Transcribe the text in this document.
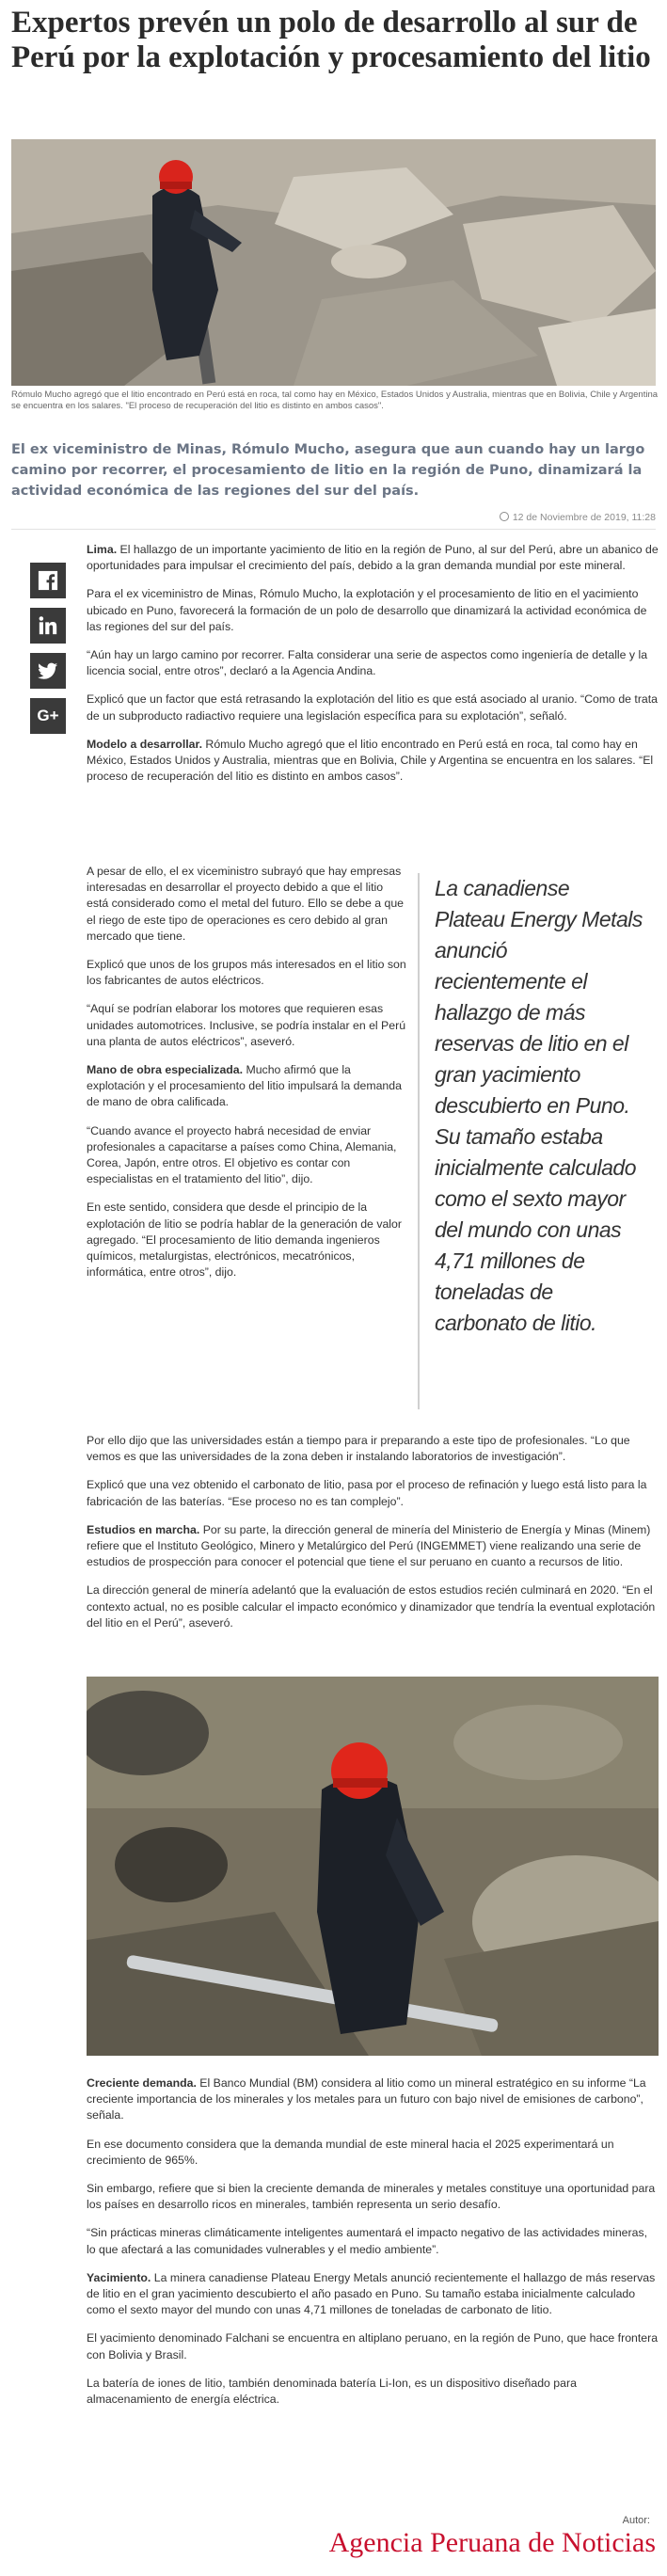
Expertos prevén un polo de desarrollo al sur de Perú por la explotación y procesamiento del litio
Rómulo Mucho agregó que el litio encontrado en Perú está en roca, tal como hay en México, Estados Unidos y Australia, mientras que en Bolivia, Chile y Argentina se encuentra en los salares. "El proceso de recuperación del litio es distinto en ambos casos".
El ex viceministro de Minas, Rómulo Mucho, asegura que aun cuando hay un largo camino por recorrer, el procesamiento de litio en la región de Puno, dinamizará la actividad económica de las regiones del sur del país.
12 de Noviembre de 2019, 11:28
G+

Lima. El hallazgo de un importante yacimiento de litio en la región de Puno, al sur del Perú, abre un abanico de oportunidades para impulsar el crecimiento del país, debido a la gran demanda mundial por este mineral.

Para el ex viceministro de Minas, Rómulo Mucho, la explotación y el procesamiento de litio en el yacimiento ubicado en Puno, favorecerá la formación de un polo de desarrollo que dinamizará la actividad económica de las regiones del sur del país.

“Aún hay un largo camino por recorrer. Falta considerar una serie de aspectos como ingeniería de detalle y la licencia social, entre otros”, declaró a la Agencia Andina.

Explicó que un factor que está retrasando la explotación del litio es que está asociado al uranio. “Como de trata de un subproducto radiactivo requiere una legislación específica para su explotación”, señaló.

Modelo a desarrollar. Rómulo Mucho agregó que el litio encontrado en Perú está en roca, tal como hay en México, Estados Unidos y Australia, mientras que en Bolivia, Chile y Argentina se encuentra en los salares. “El proceso de recuperación del litio es distinto en ambos casos”.

A pesar de ello, el ex viceministro subrayó que hay empresas interesadas en desarrollar el proyecto debido a que el litio está considerado como el metal del futuro. Ello se debe a que el riego de este tipo de operaciones es cero debido al gran mercado que tiene.

Explicó que unos de los grupos más interesados en el litio son los fabricantes de autos eléctricos.

“Aquí se podrían elaborar los motores que requieren esas unidades automotrices. Inclusive, se podría instalar en el Perú una planta de autos eléctricos”, aseveró.

Mano de obra especializada. Mucho afirmó que la explotación y el procesamiento del litio impulsará la demanda de mano de obra calificada.

“Cuando avance el proyecto habrá necesidad de enviar profesionales a capacitarse a países como China, Alemania, Corea, Japón, entre otros. El objetivo es contar con especialistas en el tratamiento del litio”, dijo.

En este sentido, considera que desde el principio de la explotación de litio se podría hablar de la generación de valor agregado. “El procesamiento de litio demanda ingenieros químicos, metalurgistas, electrónicos, mecatrónicos, informática, entre otros”, dijo.

La canadiense Plateau Energy Metals anunció recientemente el hallazgo de más reservas de litio en el gran yacimiento descubierto en Puno. Su tamaño estaba inicialmente calculado como el sexto mayor del mundo con unas 4,71 millones de toneladas de carbonato de litio.

Por ello dijo que las universidades están a tiempo para ir preparando a este tipo de profesionales. “Lo que vemos es que las universidades de la zona deben ir instalando laboratorios de investigación”.

Explicó que una vez obtenido el carbonato de litio, pasa por el proceso de refinación y luego está listo para la fabricación de las baterías. “Ese proceso no es tan complejo”.

Estudios en marcha. Por su parte, la dirección general de minería del Ministerio de Energía y Minas (Minem) refiere que el Instituto Geológico, Minero y Metalúrgico del Perú (INGEMMET) viene realizando una serie de estudios de prospección para conocer el potencial que tiene el sur peruano en cuanto a recursos de litio.

La dirección general de minería adelantó que la evaluación de estos estudios recién culminará en 2020. “En el contexto actual, no es posible calcular el impacto económico y dinamizador que tendría la eventual explotación del litio en el Perú”, aseveró.

Creciente demanda. El Banco Mundial (BM) considera al litio como un mineral estratégico en su informe “La creciente importancia de los minerales y los metales para un futuro con bajo nivel de emisiones de carbono”, señala.

En ese documento considera que la demanda mundial de este mineral hacia el 2025 experimentará un crecimiento de 965%.

Sin embargo, refiere que si bien la creciente demanda de minerales y metales constituye una oportunidad para los países en desarrollo ricos en minerales, también representa un serio desafío.

“Sin prácticas mineras climáticamente inteligentes aumentará el impacto negativo de las actividades mineras, lo que afectará a las comunidades vulnerables y el medio ambiente”.

Yacimiento. La minera canadiense Plateau Energy Metals anunció recientemente el hallazgo de más reservas de litio en el gran yacimiento descubierto el año pasado en Puno. Su tamaño estaba inicialmente calculado como el sexto mayor del mundo con unas 4,71 millones de toneladas de carbonato de litio.

El yacimiento denominado Falchani se encuentra en altiplano peruano, en la región de Puno, que hace frontera con Bolivia y Brasil.

La batería de iones de litio, también denominada batería Li-Ion, es un dispositivo diseñado para almacenamiento de energía eléctrica.

Autor:
Agencia Peruana de Noticias
